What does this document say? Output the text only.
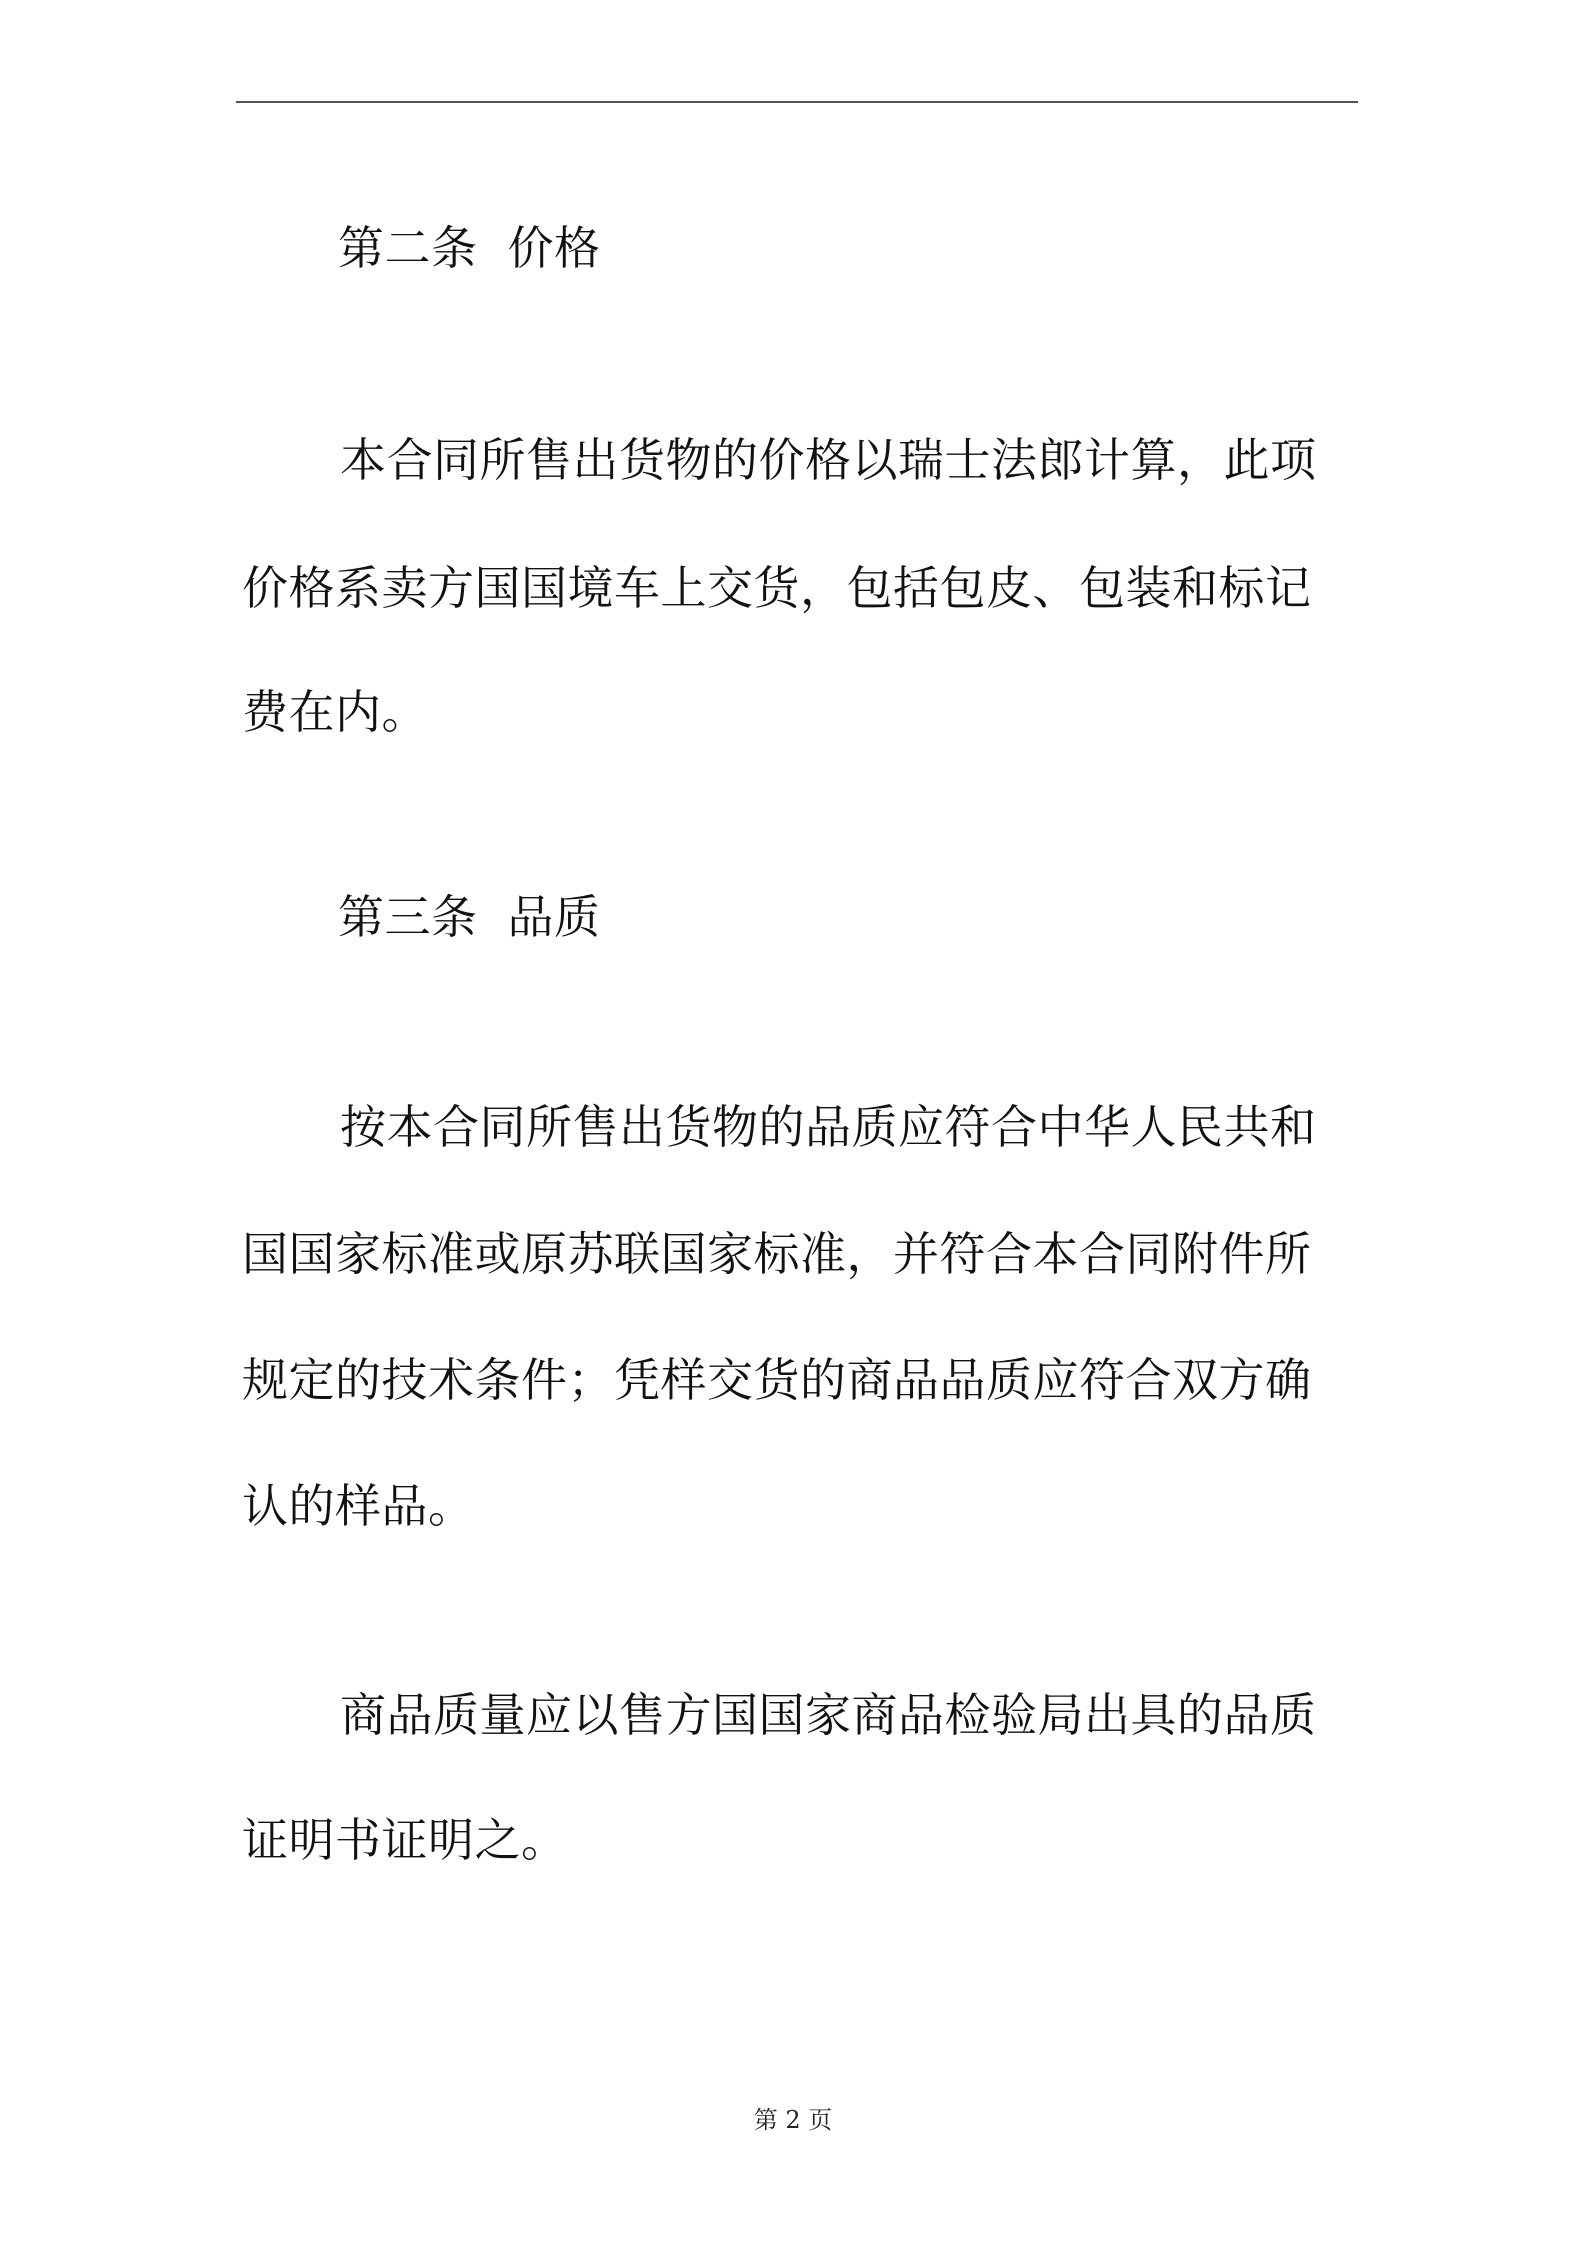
第二条 价格
本合同所售出货物的价格以瑞士法郎计算，此项
价格系卖方国国境车上交货，包括包皮、包装和标记
费在内。
第三条 品质
按本合同所售出货物的品质应符合中华人民共和
国国家标准或原苏联国家标准，并符合本合同附件所
规定的技术条件；凭样交货的商品品质应符合双方确
认的样品。
商品质量应以售方国国家商品检验局出具的品质
证明书证明之。
第 2 页
